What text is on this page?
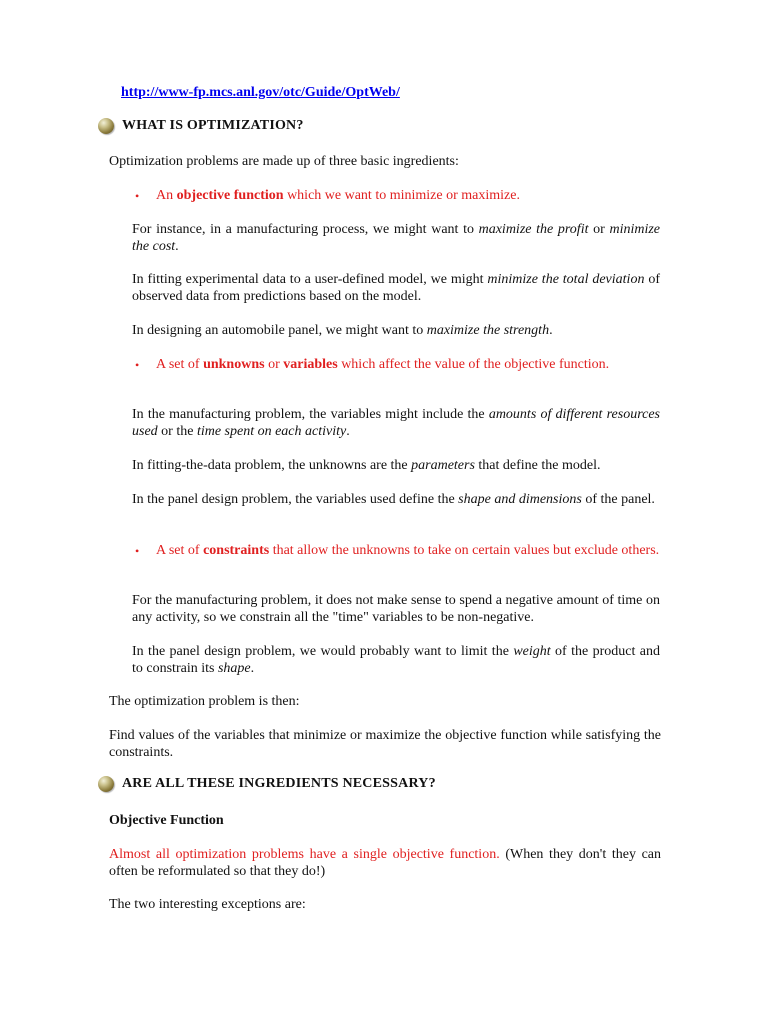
http://www-fp.mcs.anl.gov/otc/Guide/OptWeb/
WHAT IS OPTIMIZATION?

Optimization problems are made up of three basic ingredients:

• An objective function which we want to minimize or maximize.

For instance, in a manufacturing process, we might want to maximize the profit or minimize the cost.

In fitting experimental data to a user-defined model, we might minimize the total deviation of observed data from predictions based on the model.

In designing an automobile panel, we might want to maximize the strength.

• A set of unknowns or variables which affect the value of the objective function.

In the manufacturing problem, the variables might include the amounts of different resources used or the time spent on each activity.

In fitting-the-data problem, the unknowns are the parameters that define the model.

In the panel design problem, the variables used define the shape and dimensions of the panel.

• A set of constraints that allow the unknowns to take on certain values but exclude others.

For the manufacturing problem, it does not make sense to spend a negative amount of time on any activity, so we constrain all the "time" variables to be non-negative.

In the panel design problem, we would probably want to limit the weight of the product and to constrain its shape.

The optimization problem is then:

Find values of the variables that minimize or maximize the objective function while satisfying the constraints.

ARE ALL THESE INGREDIENTS NECESSARY?

Objective Function

Almost all optimization problems have a single objective function. (When they don't they can often be reformulated so that they do!)

The two interesting exceptions are:
